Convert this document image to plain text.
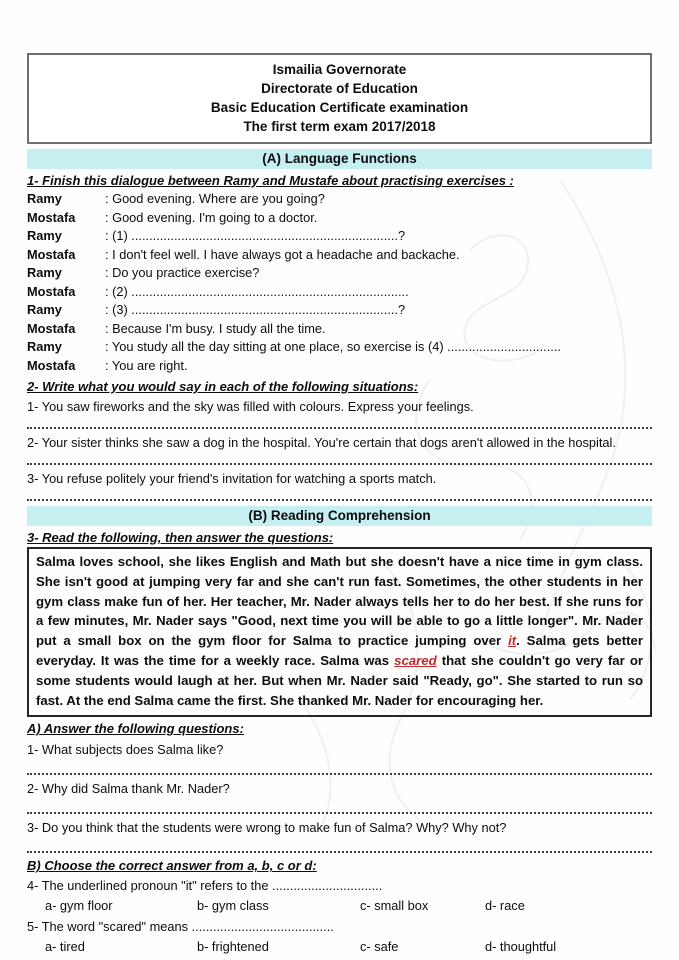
Ismailia Governorate
Directorate of Education
Basic Education Certificate examination
The first term exam 2017/2018
(A) Language Functions
1- Finish this dialogue between Ramy and Mustafe about practising exercises :
Ramy	: Good evening. Where are you going?
Mostafa	: Good evening. I'm going to a doctor.
Ramy	: (1) ...........................................................................?
Mostafa	: I don't feel well. I have always got a headache and backache.
Ramy	: Do you practice exercise?
Mostafa	: (2) ..............................................................................
Ramy	: (3) ...........................................................................?
Mostafa	: Because I'm busy. I study all the time.
Ramy	: You study all the day sitting at one place, so exercise is (4) ................................
Mostafa	: You are right.
2- Write what you would say in each of the following situations:
1- You saw fireworks and the sky was filled with colours. Express your feelings.
2- Your sister thinks she saw a dog in the hospital. You're certain that dogs aren't allowed in the hospital.
3- You refuse politely your friend's invitation for watching a sports match.
(B) Reading Comprehension
3- Read the following, then answer the questions:
Salma loves school, she likes English and Math but she doesn't have a nice time in gym class. She isn't good at jumping very far and she can't run fast. Sometimes, the other students in her gym class make fun of her. Her teacher, Mr. Nader always tells her to do her best. If she runs for a few minutes, Mr. Nader says "Good, next time you will be able to go a little longer". Mr. Nader put a small box on the gym floor for Salma to practice jumping over it. Salma gets better everyday. It was the time for a weekly race. Salma was scared that she couldn't go very far or some students would laugh at her. But when Mr. Nader said "Ready, go". She started to run so fast. At the end Salma came the first. She thanked Mr. Nader for encouraging her.
A) Answer the following questions:
1- What subjects does Salma like?
2- Why did Salma thank Mr. Nader?
3- Do you think that the students were wrong to make fun of Salma? Why? Why not?
B) Choose the correct answer from a, b, c or d:
4- The underlined pronoun "it" refers to the ...............................
a- gym floor	b- gym class	c- small box	d- race
5- The word "scared" means ........................................
a- tired	b- frightened	c- safe	d- thoughtful
